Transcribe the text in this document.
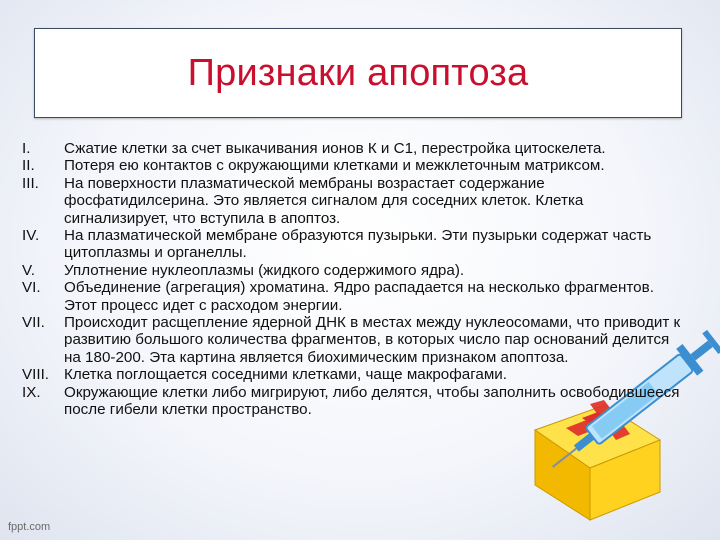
Признаки апоптоза
I.	Сжатие клетки за счет выкачивания ионов К и С1, перестройка цитоскелета.
II.	Потеря ею контактов с окружающими клетками и межклеточным матриксом.
III.	На поверхности плазматической мембраны возрастает содержание фосфатидилсерина. Это является сигналом для соседних клеток. Клетка сигнализирует, что вступила в апоптоз.
IV.	На плазматической мембране образуются пузырьки. Эти пузырьки содержат часть цитоплазмы и органеллы.
V.	Уплотнение нуклеоплазмы (жидкого содержимого ядра).
VI.	Объединение (агрегация) хроматина. Ядро распадается на несколько фрагментов. Этот процесс идет с расходом энергии.
VII.	Происходит расщепление ядерной ДНК в местах между нуклеосомами, что приводит к развитию большого количества фрагментов, в которых число пар оснований делится на 180-200. Эта картина является биохимическим признаком апоптоза.
VIII. Клетка поглощается соседними клетками, чаще макрофагами.
IX.	Окружающие клетки либо мигрируют, либо делятся, чтобы заполнить освободившееся после гибели клетки пространство.
fppt.com
